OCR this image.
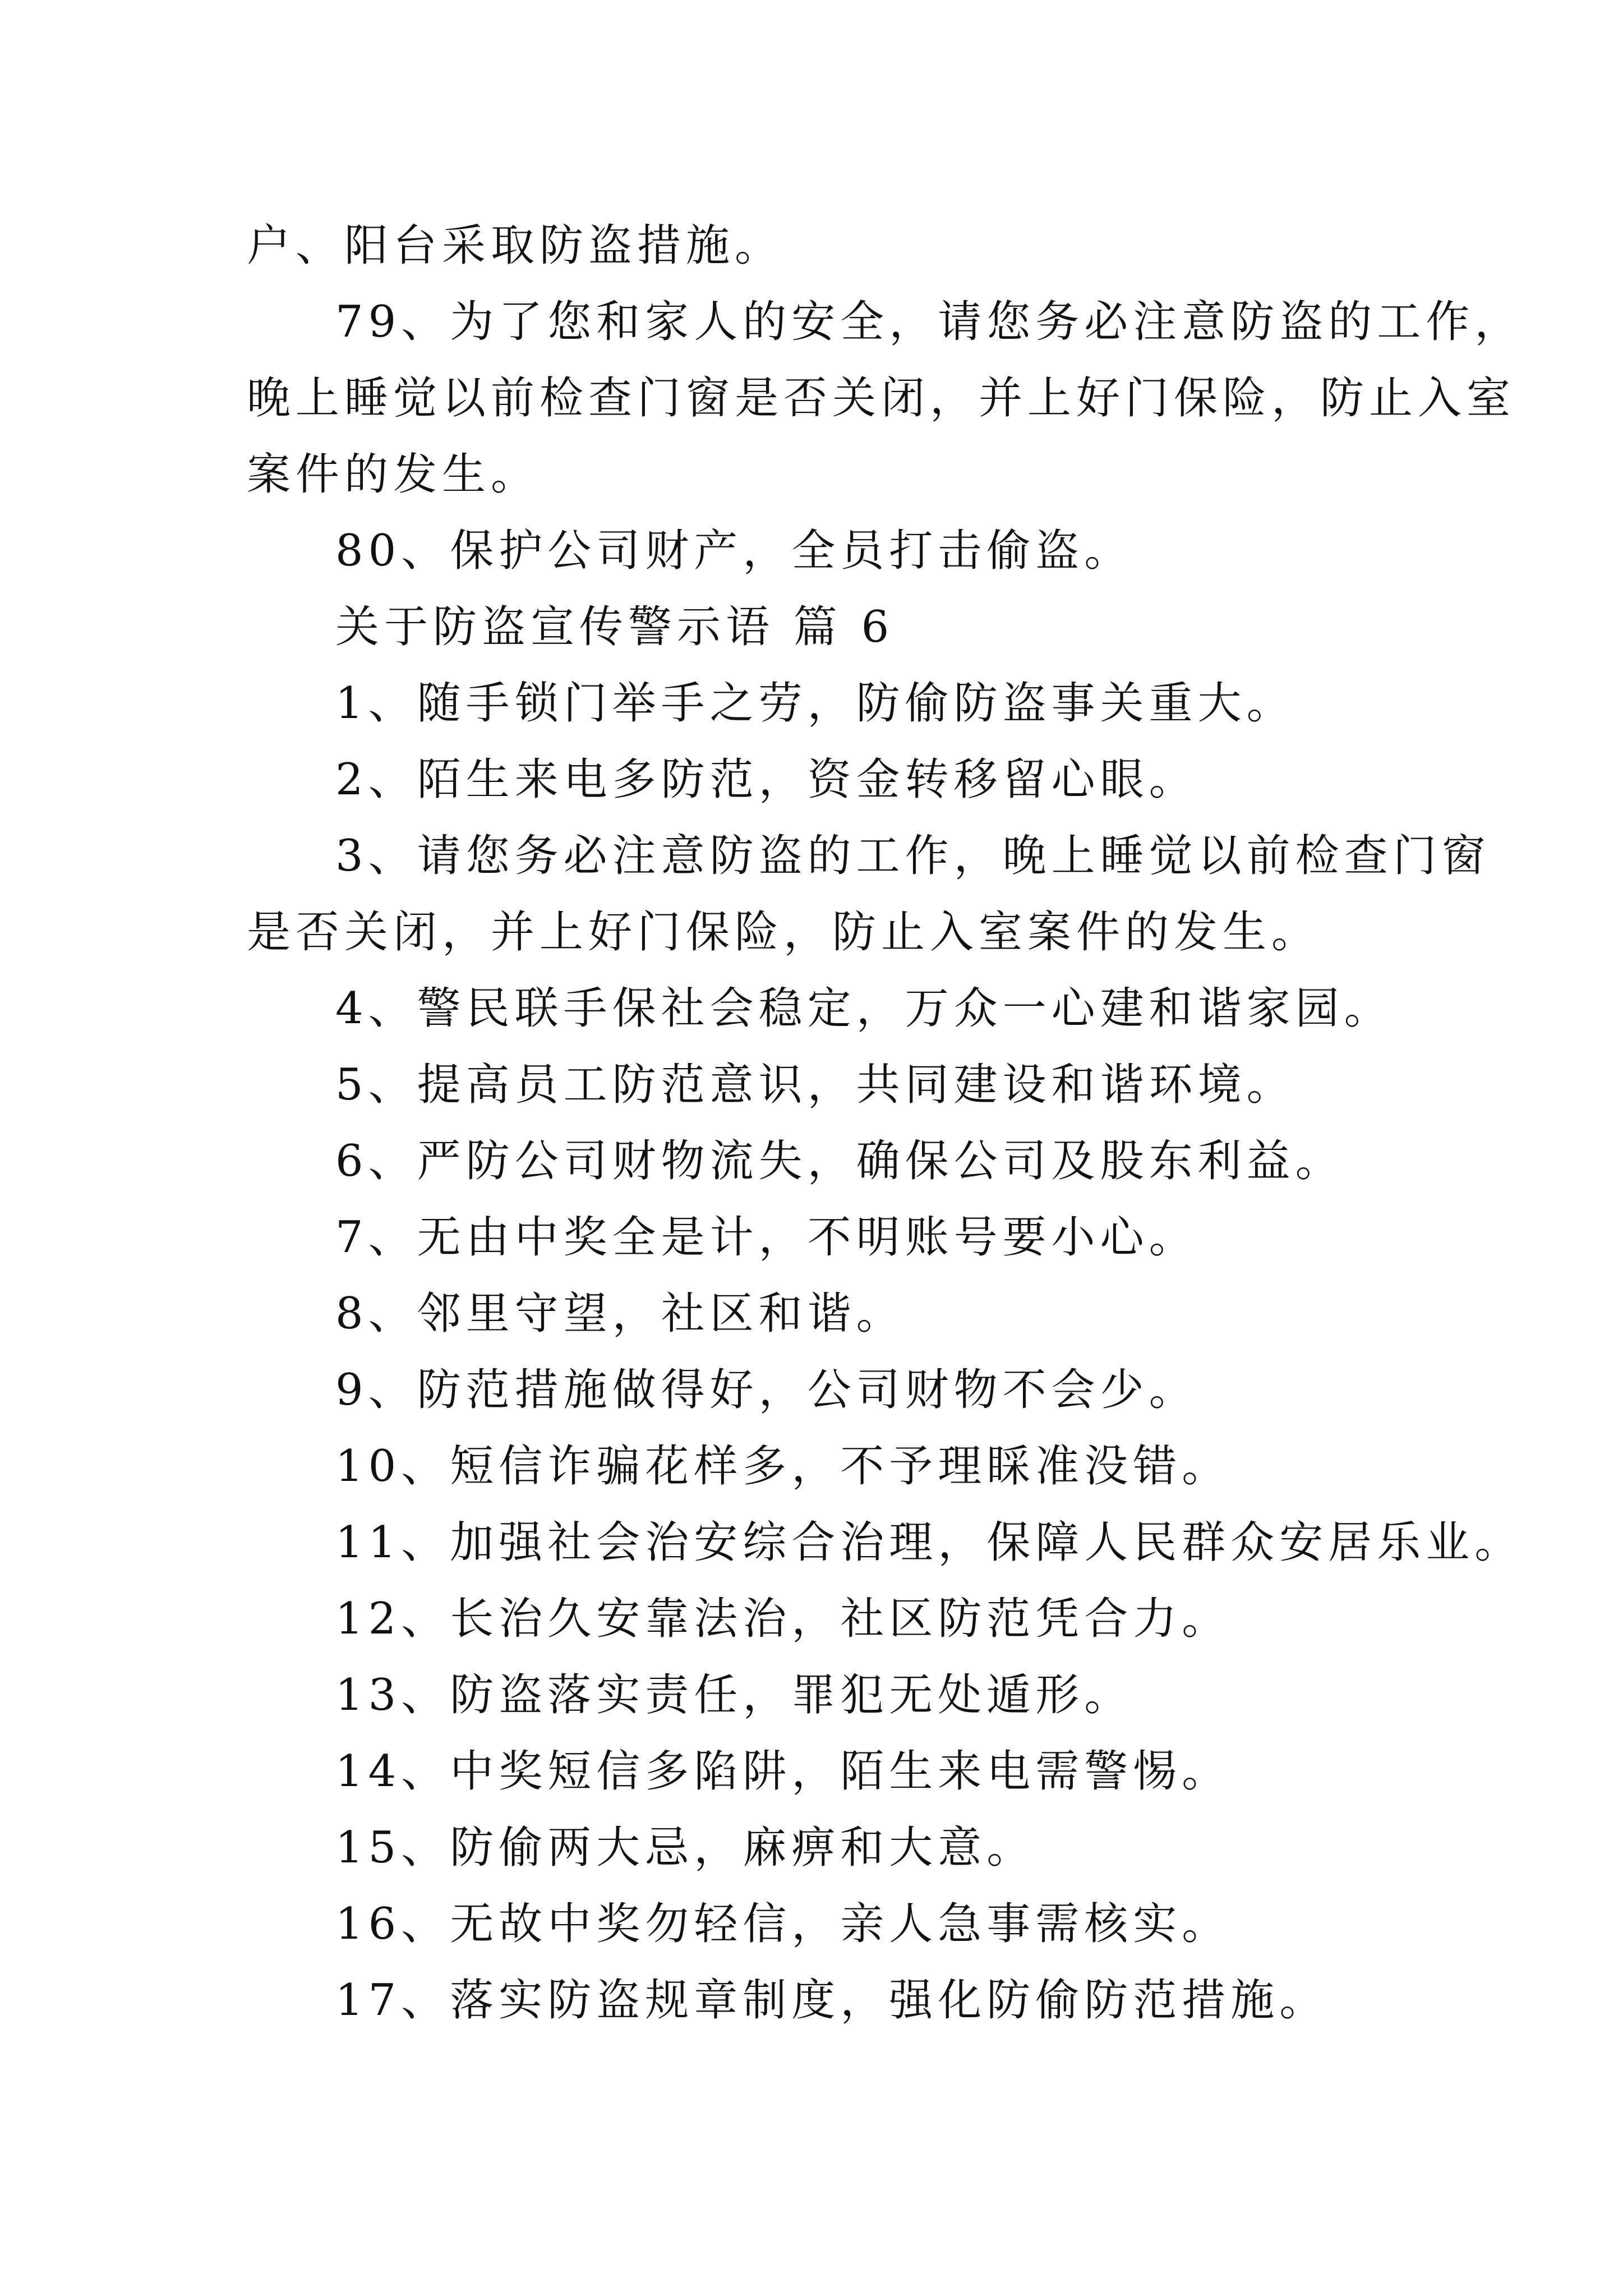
户、阳台采取防盗措施。

79、为了您和家人的安全，请您务必注意防盗的工作，

晚上睡觉以前检查门窗是否关闭，并上好门保险，防止入室

案件的发生。

80、保护公司财产，全员打击偷盗。

关于防盗宣传警示语 篇 6

1、随手锁门举手之劳，防偷防盗事关重大。

2、陌生来电多防范，资金转移留心眼。

3、请您务必注意防盗的工作，晚上睡觉以前检查门窗

是否关闭，并上好门保险，防止入室案件的发生。

4、警民联手保社会稳定，万众一心建和谐家园。

5、提高员工防范意识，共同建设和谐环境。

6、严防公司财物流失，确保公司及股东利益。

7、无由中奖全是计，不明账号要小心。

8、邻里守望，社区和谐。

9、防范措施做得好，公司财物不会少。

10、短信诈骗花样多，不予理睬准没错。

11、加强社会治安综合治理，保障人民群众安居乐业。

12、长治久安靠法治，社区防范凭合力。

13、防盗落实责任，罪犯无处遁形。

14、中奖短信多陷阱，陌生来电需警惕。

15、防偷两大忌，麻痹和大意。

16、无故中奖勿轻信，亲人急事需核实。

17、落实防盗规章制度，强化防偷防范措施。
